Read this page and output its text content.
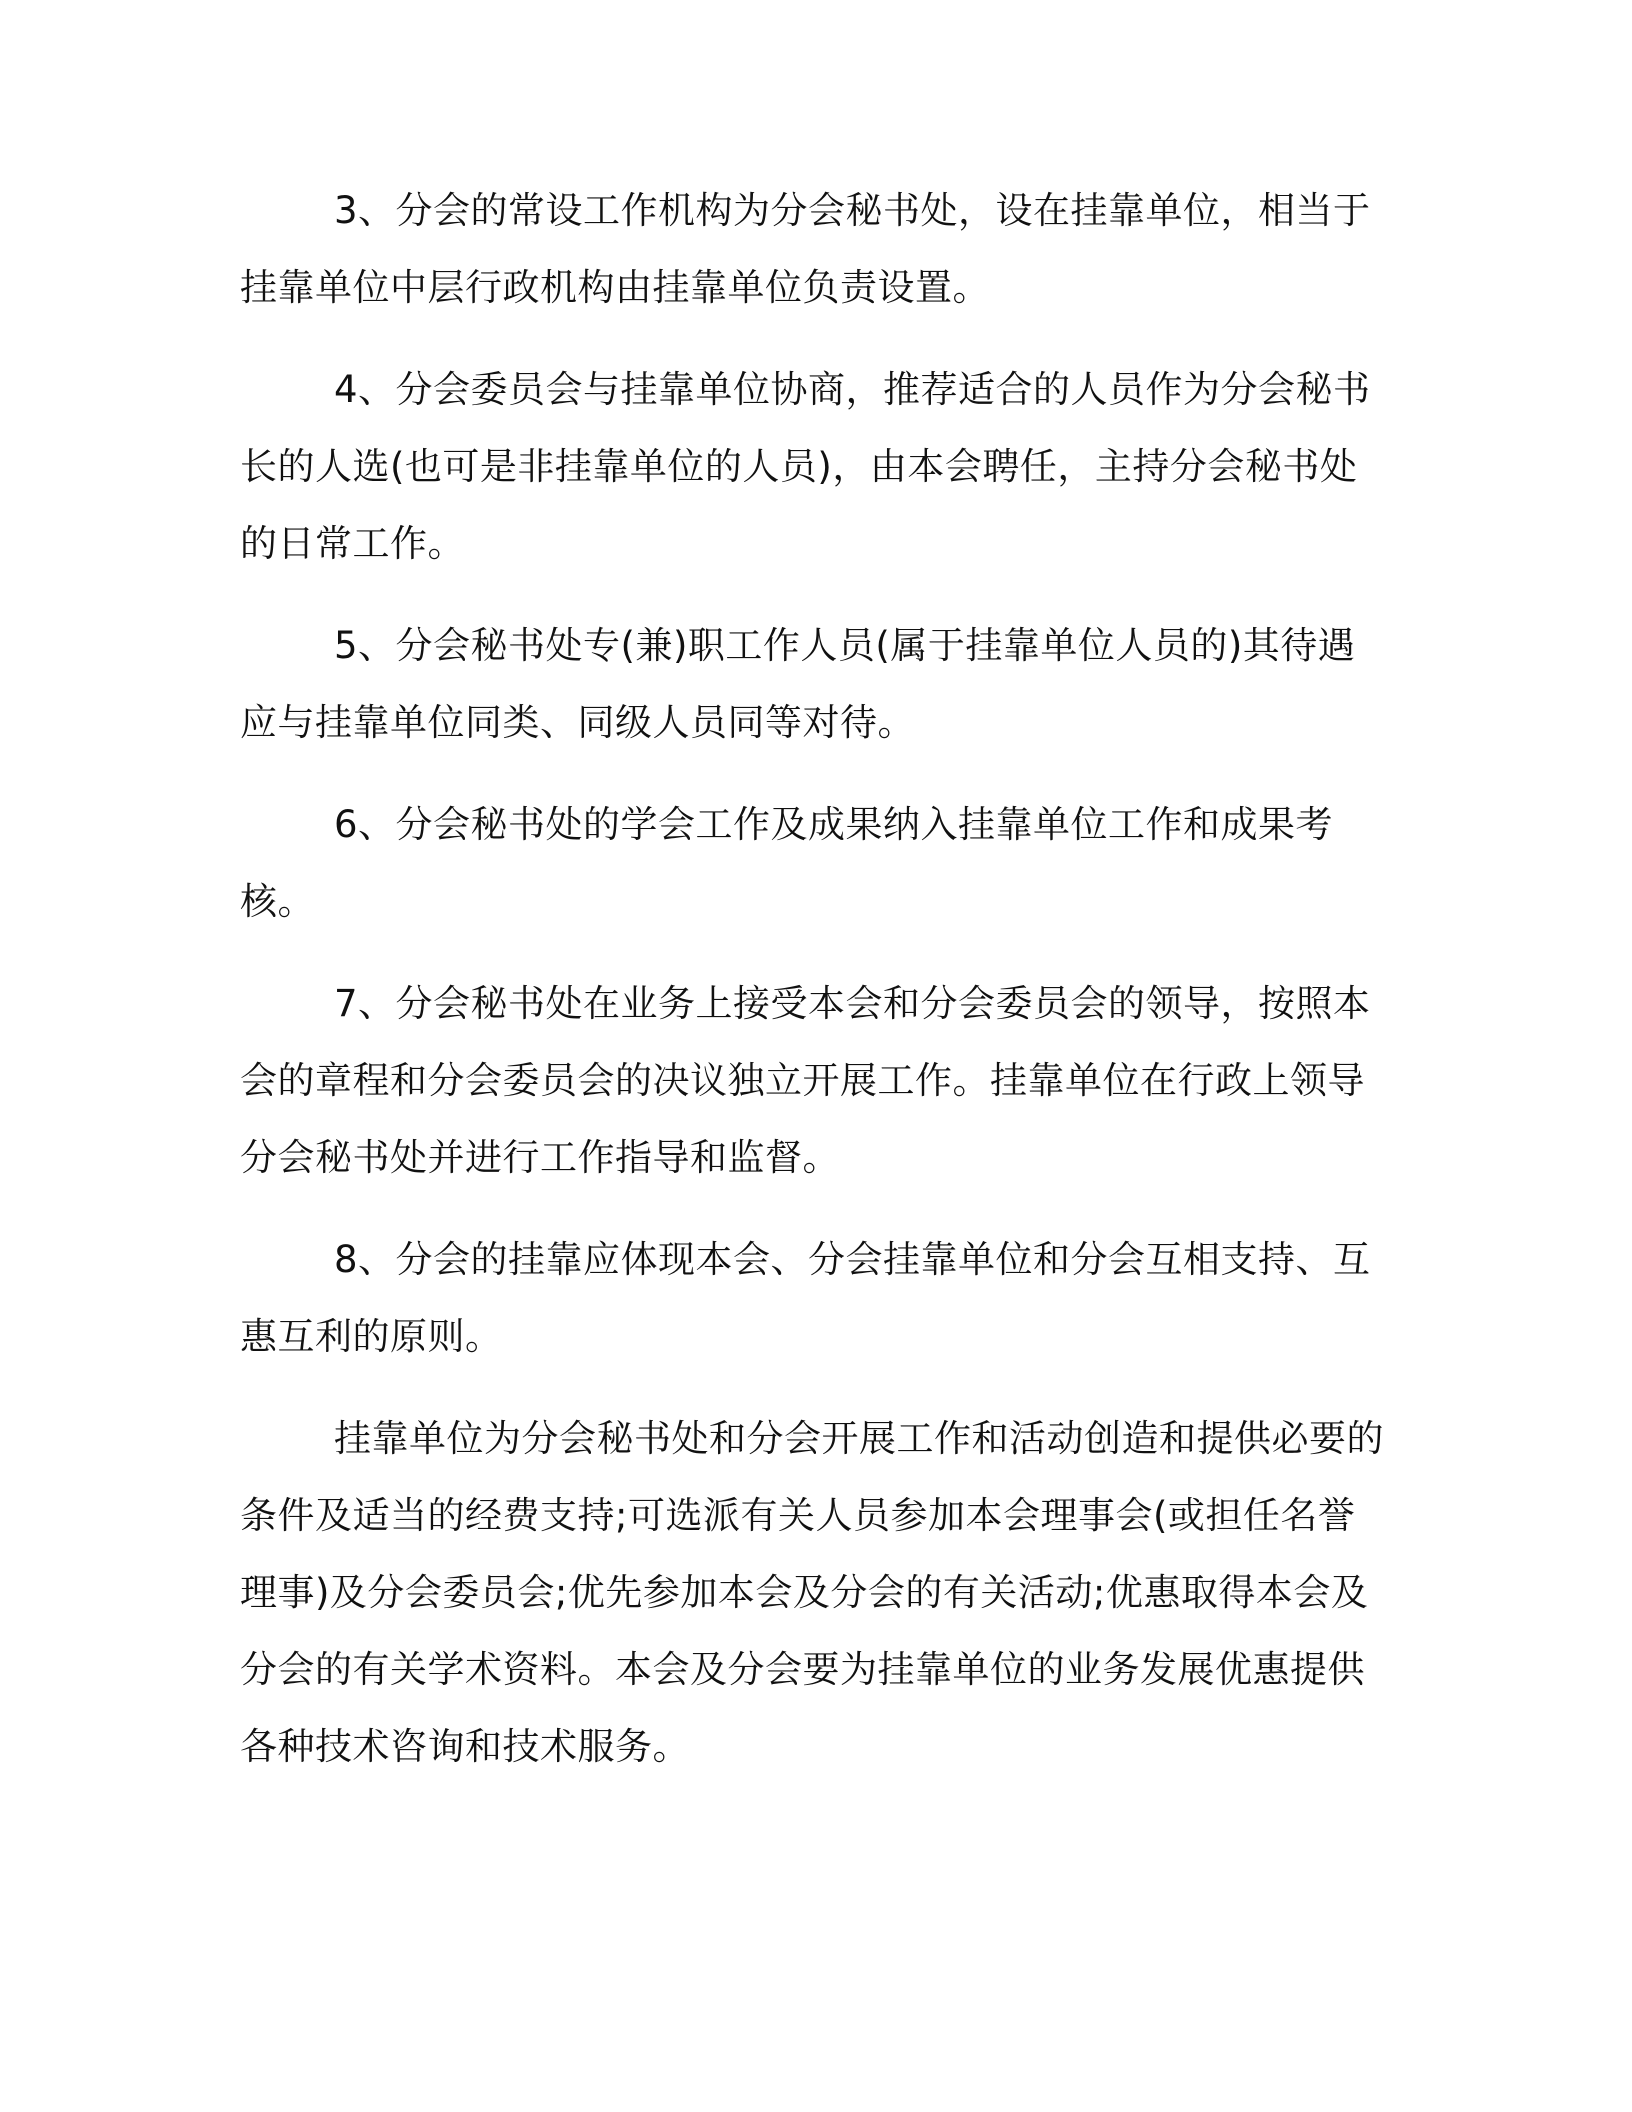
3、分会的常设工作机构为分会秘书处，设在挂靠单位，相当于挂靠单位中层行政机构由挂靠单位负责设置。

4、分会委员会与挂靠单位协商，推荐适合的人员作为分会秘书长的人选(也可是非挂靠单位的人员)，由本会聘任，主持分会秘书处的日常工作。

5、分会秘书处专(兼)职工作人员(属于挂靠单位人员的)其待遇应与挂靠单位同类、同级人员同等对待。

6、分会秘书处的学会工作及成果纳入挂靠单位工作和成果考核。

7、分会秘书处在业务上接受本会和分会委员会的领导，按照本会的章程和分会委员会的决议独立开展工作。挂靠单位在行政上领导分会秘书处并进行工作指导和监督。

8、分会的挂靠应体现本会、分会挂靠单位和分会互相支持、互惠互利的原则。

挂靠单位为分会秘书处和分会开展工作和活动创造和提供必要的条件及适当的经费支持;可选派有关人员参加本会理事会(或担任名誉理事)及分会委员会;优先参加本会及分会的有关活动;优惠取得本会及分会的有关学术资料。本会及分会要为挂靠单位的业务发展优惠提供各种技术咨询和技术服务。
